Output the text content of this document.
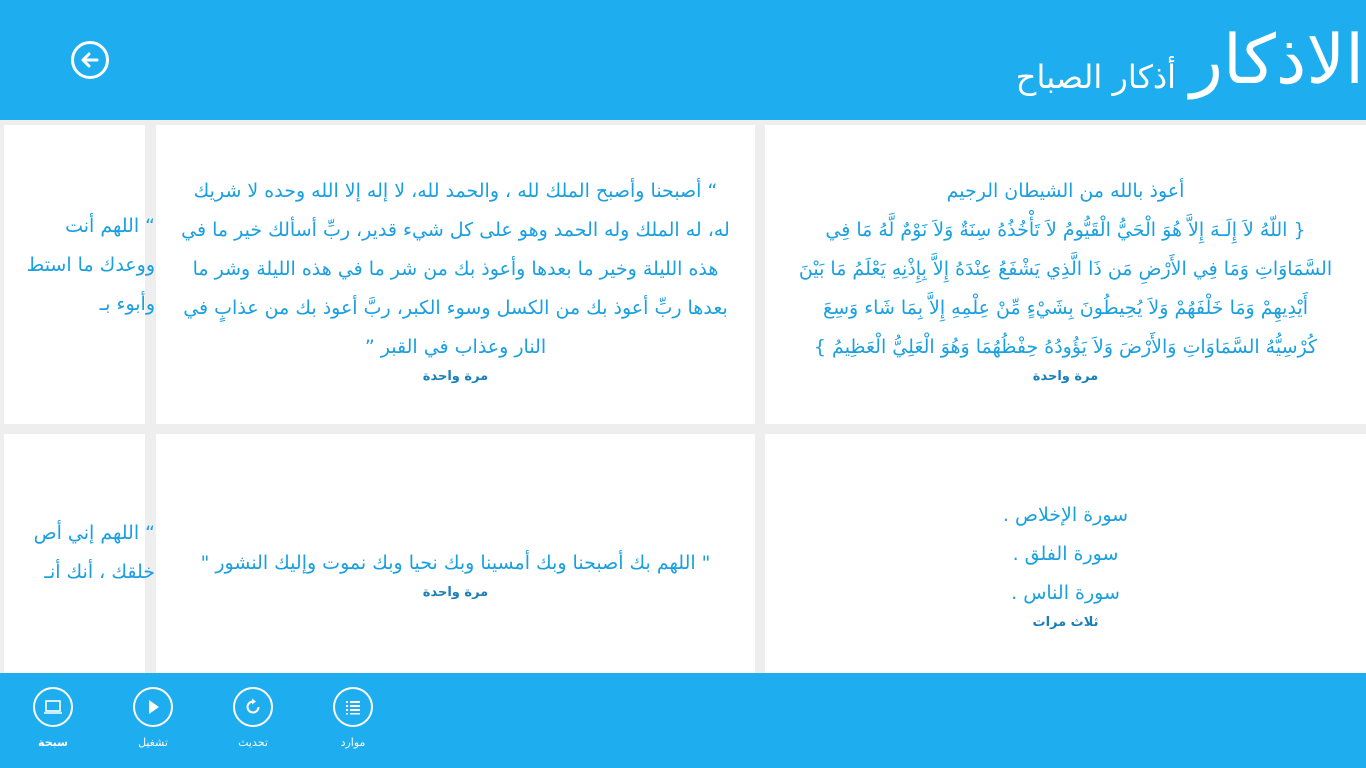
الاذكار
أذكار الصباح
أعوذ بالله من الشيطان الرجيم
{ اللّهُ لاَ إِلَـهَ إِلاَّ هُوَ الْحَيُّ الْقَيُّومُ لاَ تَأْخُذُهُ سِنَةٌ وَلاَ نَوْمٌ لَّهُ مَا فِي
السَّمَاوَاتِ وَمَا فِي الأَرْضِ مَن ذَا الَّذِي يَشْفَعُ عِنْدَهُ إِلاَّ بِإِذْنِهِ يَعْلَمُ مَا بَيْنَ
أَيْدِيهِمْ وَمَا خَلْفَهُمْ وَلاَ يُحِيطُونَ بِشَيْءٍ مِّنْ عِلْمِهِ إِلاَّ بِمَا شَاء وَسِعَ
كُرْسِيُّهُ السَّمَاوَاتِ وَالأَرْضَ وَلاَ يَؤُودُهُ حِفْظُهُمَا وَهُوَ الْعَلِيُّ الْعَظِيمُ }
مرة واحدة
“ أصبحنا وأصبح الملك لله ، والحمد لله، لا إله إلا الله وحده لا شريك
له، له الملك وله الحمد وهو على كل شيء قدير، ربِّ أسألك خير ما في
هذه الليلة وخير ما بعدها وأعوذ بك من شر ما في هذه الليلة وشر ما
بعدها ربِّ أعوذ بك من الكسل وسوء الكبر، ربَّ أعوذ بك من عذابٍ في
النار وعذاب في القبر ”
مرة واحدة
“ اللهم أنت
ووعدك ما استط
وأبوء بـ
سورة الإخلاص .
سورة الفلق .
سورة الناس .
ثلاث مرات
" اللهم بك أصبحنا وبك أمسينا وبك نحيا وبك نموت وإليك النشور "
مرة واحدة
“ اللهم إني أص
خلقك ، أنك أنـ
سبحة	تشغيل	تحديث	موارد
